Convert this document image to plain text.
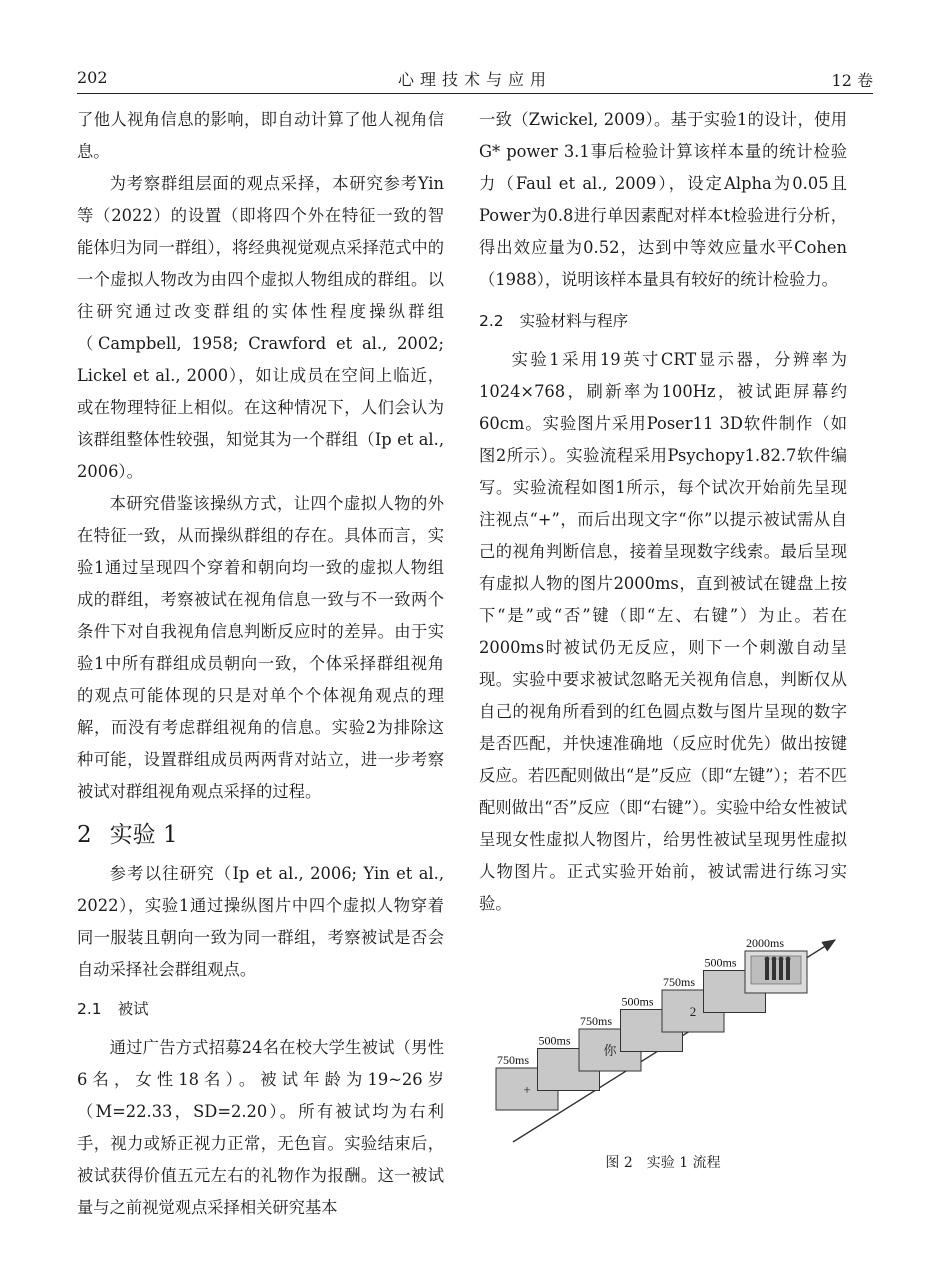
202	心理技术与应用	12 卷

了他人视角信息的影响，即自动计算了他人视角信息。

为考察群组层面的观点采择，本研究参考Yin等（2022）的设置（即将四个外在特征一致的智能体归为同一群组），将经典视觉观点采择范式中的一个虚拟人物改为由四个虚拟人物组成的群组。以往研究通过改变群组的实体性程度操纵群组（Campbell, 1958; Crawford et al., 2002; Lickel et al., 2000），如让成员在空间上临近，或在物理特征上相似。在这种情况下，人们会认为该群组整体性较强，知觉其为一个群组（Ip et al., 2006）。

本研究借鉴该操纵方式，让四个虚拟人物的外在特征一致，从而操纵群组的存在。具体而言，实验1通过呈现四个穿着和朝向均一致的虚拟人物组成的群组，考察被试在视角信息一致与不一致两个条件下对自我视角信息判断反应时的差异。由于实验1中所有群组成员朝向一致，个体采择群组视角的观点可能体现的只是对单个个体视角观点的理解，而没有考虑群组视角的信息。实验2为排除这种可能，设置群组成员两两背对站立，进一步考察被试对群组视角观点采择的过程。

2 实验 1

参考以往研究（Ip et al., 2006; Yin et al., 2022），实验1通过操纵图片中四个虚拟人物穿着同一服装且朝向一致为同一群组，考察被试是否会自动采择社会群组观点。

2.1 被试

通过广告方式招募24名在校大学生被试（男性6名，女性18名）。被试年龄为19~26岁（M=22.33，SD=2.20）。所有被试均为右利手，视力或矫正视力正常，无色盲。实验结束后，被试获得价值五元左右的礼物作为报酬。这一被试量与之前视觉观点采择相关研究基本

一致（Zwickel, 2009）。基于实验1的设计，使用G* power 3.1事后检验计算该样本量的统计检验力（Faul et al., 2009），设定Alpha为0.05且Power为0.8进行单因素配对样本t检验进行分析，得出效应量为0.52，达到中等效应量水平Cohen（1988），说明该样本量具有较好的统计检验力。

2.2 实验材料与程序

实验1采用19英寸CRT显示器，分辨率为1024×768，刷新率为100Hz，被试距屏幕约60cm。实验图片采用Poser11 3D软件制作（如图2所示）。实验流程采用Psychopy1.82.7软件编写。实验流程如图1所示，每个试次开始前先呈现注视点“+”，而后出现文字“你”以提示被试需从自己的视角判断信息，接着呈现数字线索。最后呈现有虚拟人物的图片2000ms，直到被试在键盘上按下“是”或“否”键（即“左、右键”）为止。若在2000ms时被试仍无反应，则下一个刺激自动呈现。实验中要求被试忽略无关视角信息，判断仅从自己的视角所看到的红色圆点数与图片呈现的数字是否匹配，并快速准确地（反应时优先）做出按键反应。若匹配则做出“是”反应（即“左键”）；若不匹配则做出“否”反应（即“右键”）。实验中给女性被试呈现女性虚拟人物图片，给男性被试呈现男性虚拟人物图片。正式实验开始前，被试需进行练习实验。

750ms
+
500ms
750ms
你
500ms
750ms
2
500ms
2000ms
图 2 实验 1 流程
